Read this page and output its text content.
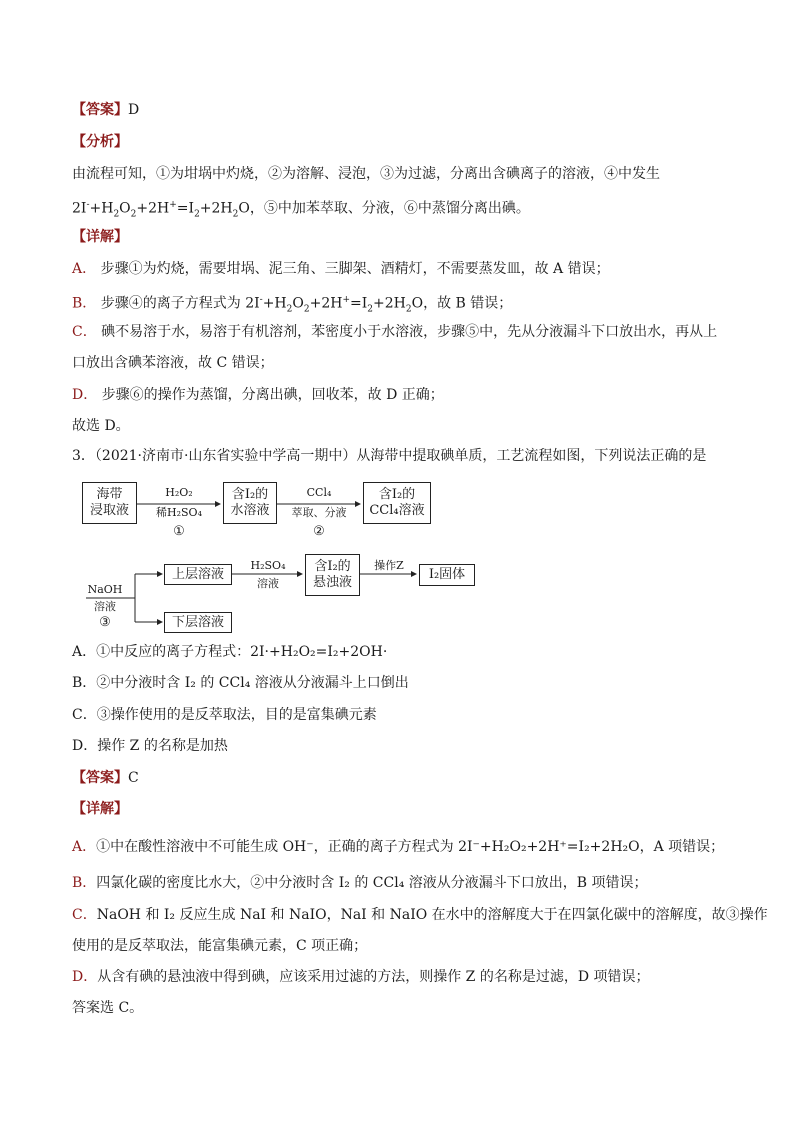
【答案】D
【分析】
由流程可知，①为坩埚中灼烧，②为溶解、浸泡，③为过滤，分离出含碘离子的溶液，④中发生
$2I^-+H_2O_2+2H^+=I_2+2H_2O$，⑤中加苯萃取、分液，⑥中蒸馏分离出碘。
【详解】
A． 步骤①为灼烧，需要坩埚、泥三角、三脚架、酒精灯，不需要蒸发皿，故 A 错误；
B． 步骤④的离子方程式为 $2I^-+H_2O_2+2H^+=I_2+2H_2O$，故 B 错误；
C． 碘不易溶于水，易溶于有机溶剂，苯密度小于水溶液，步骤⑤中，先从分液漏斗下口放出水，再从上
口放出含碘苯溶液，故 C 错误；
D． 步骤⑥的操作为蒸馏，分离出碘，回收苯，故 D 正确；
故选 D。
3．（2021·济南市·山东省实验中学高一期中）从海带中提取碘单质，工艺流程如图，下列说法正确的是
海带
浸取液
H₂O₂
稀H₂SO₄
①
含I₂的
水溶液
CCl₄
萃取、分液
②
含I₂的
CCl₄溶液
NaOH
溶液
③
上层溶液
下层溶液
H₂SO₄
溶液
含I₂的
悬浊液
操作Z
I₂固体
A．①中反应的离子方程式：2I·+H₂O₂=I₂+2OH·
B．②中分液时含 I₂ 的 CCl₄ 溶液从分液漏斗上口倒出
C．③操作使用的是反萃取法，目的是富集碘元素
D．操作 Z 的名称是加热
【答案】C
【详解】
A．①中在酸性溶液中不可能生成 OH⁻，正确的离子方程式为 2I⁻+H₂O₂+2H⁺=I₂+2H₂O，A 项错误；
B．四氯化碳的密度比水大，②中分液时含 I₂ 的 CCl₄ 溶液从分液漏斗下口放出，B 项错误；
C．NaOH 和 I₂ 反应生成 NaI 和 NaIO，NaI 和 NaIO 在水中的溶解度大于在四氯化碳中的溶解度，故③操作
使用的是反萃取法，能富集碘元素，C 项正确；
D．从含有碘的悬浊液中得到碘，应该采用过滤的方法，则操作 Z 的名称是过滤，D 项错误；
答案选 C。
